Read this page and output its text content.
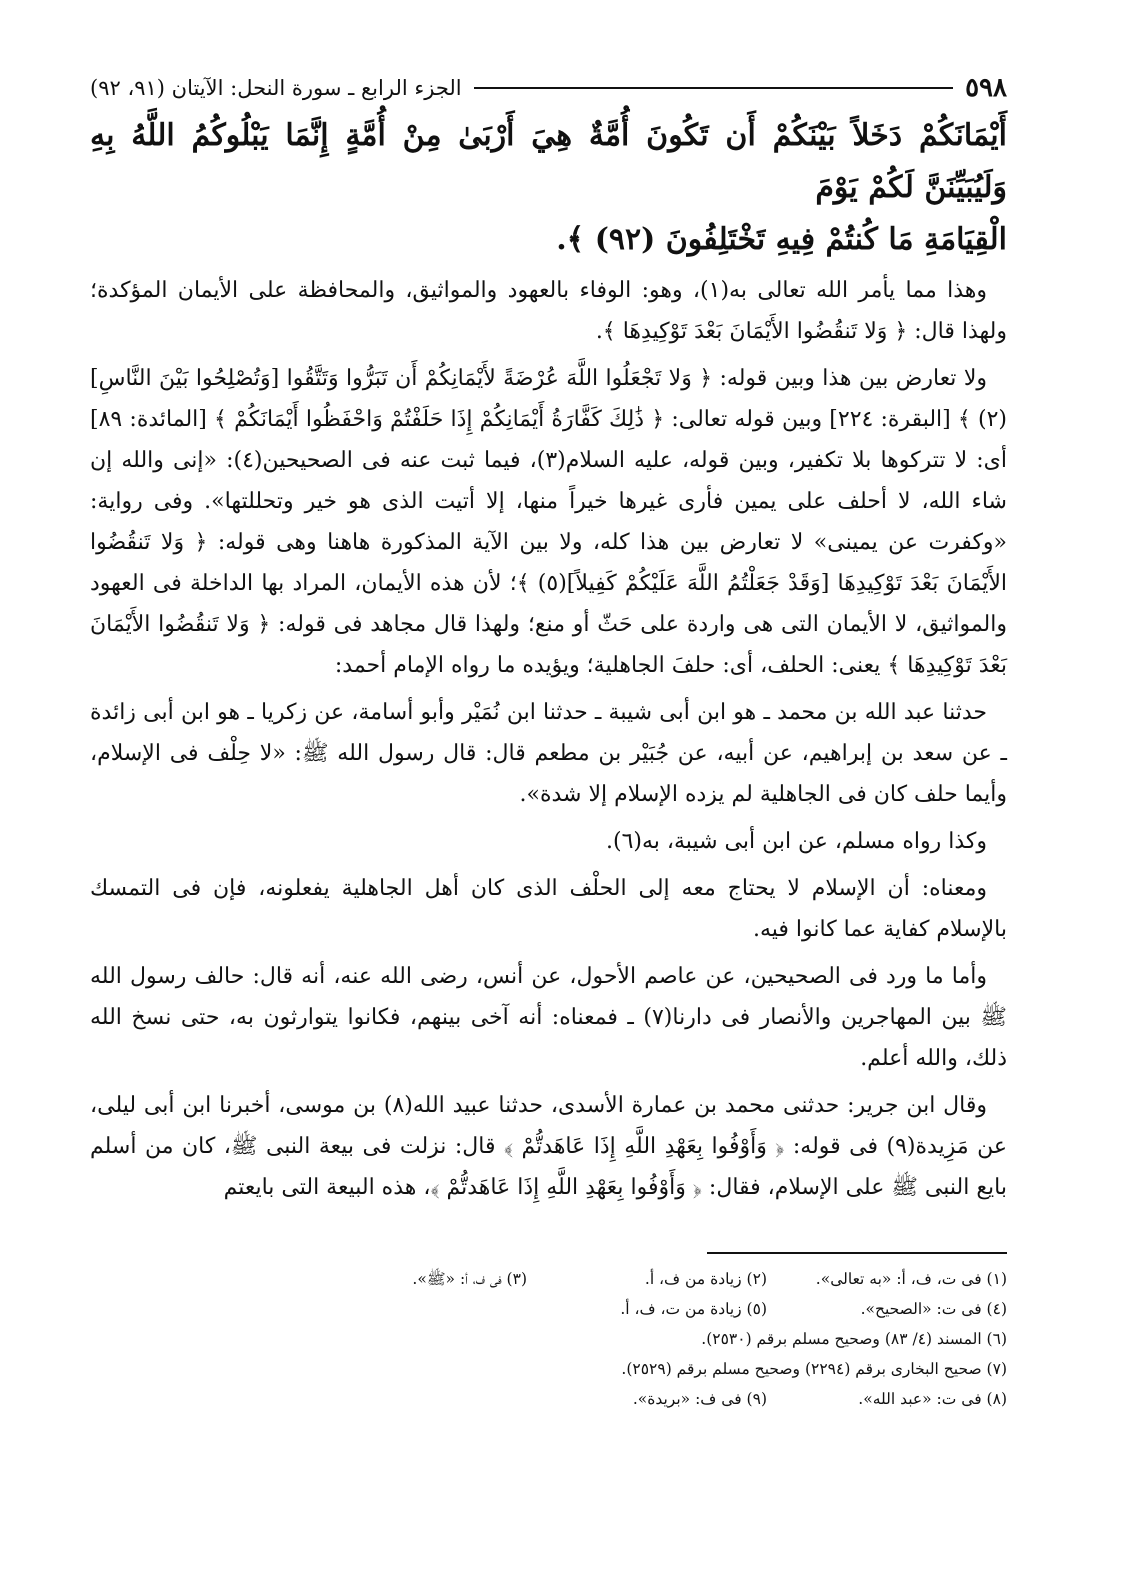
٥٩٨
الجزء الرابع ـ سورة النحل: الآيتان (٩١، ٩٢)
أَيْمَانَكُمْ دَخَلاً بَيْنَكُمْ أَن تَكُونَ أُمَّةٌ هِيَ أَرْبَىٰ مِنْ أُمَّةٍ إِنَّمَا يَبْلُوكُمُ اللَّهُ بِهِ وَلَيُبَيِّنَنَّ لَكُمْ يَوْمَ
الْقِيَامَةِ مَا كُنتُمْ فِيهِ تَخْتَلِفُونَ (٩٢) ﴾.

وهذا مما يأمر الله تعالى به(١)، وهو: الوفاء بالعهود والمواثيق، والمحافظة على الأيمان المؤكدة؛ ولهذا قال: ﴿ وَلا تَنقُضُوا الأَيْمَانَ بَعْدَ تَوْكِيدِهَا ﴾.

ولا تعارض بين هذا وبين قوله: ﴿ وَلا تَجْعَلُوا اللَّهَ عُرْضَةً لأَيْمَانِكُمْ أَن تَبَرُّوا وَتَتَّقُوا [وَتُصْلِحُوا بَيْنَ النَّاسِ](٢) ﴾ [البقرة: ٢٢٤] وبين قوله تعالى: ﴿ ذَٰلِكَ كَفَّارَةُ أَيْمَانِكُمْ إِذَا حَلَفْتُمْ وَاحْفَظُوا أَيْمَانَكُمْ ﴾ [المائدة: ٨٩] أى: لا تتركوها بلا تكفير، وبين قوله، عليه السلام(٣)، فيما ثبت عنه فى الصحيحين(٤): «إنى والله إن شاء الله، لا أحلف على يمين فأرى غيرها خيراً منها، إلا أتيت الذى هو خير وتحللتها». وفى رواية: «وكفرت عن يمينى» لا تعارض بين هذا كله، ولا بين الآية المذكورة هاهنا وهى قوله: ﴿ وَلا تَنقُضُوا الأَيْمَانَ بَعْدَ تَوْكِيدِهَا [وَقَدْ جَعَلْتُمُ اللَّهَ عَلَيْكُمْ كَفِيلاً](٥) ﴾؛ لأن هذه الأيمان، المراد بها الداخلة فى العهود والمواثيق، لا الأيمان التى هى واردة على حَثّ أو منع؛ ولهذا قال مجاهد فى قوله: ﴿ وَلا تَنقُضُوا الأَيْمَانَ بَعْدَ تَوْكِيدِهَا ﴾ يعنى: الحلف، أى: حلفَ الجاهلية؛ ويؤيده ما رواه الإمام أحمد:

حدثنا عبد الله بن محمد ـ هو ابن أبى شيبة ـ حدثنا ابن نُمَيْر وأبو أسامة، عن زكريا ـ هو ابن أبى زائدة ـ عن سعد بن إبراهيم، عن أبيه، عن جُبَيْر بن مطعم قال: قال رسول الله ﷺ: «لا حِلْف فى الإسلام، وأيما حلف كان فى الجاهلية لم يزده الإسلام إلا شدة».

وكذا رواه مسلم، عن ابن أبى شيبة، به(٦).

ومعناه: أن الإسلام لا يحتاج معه إلى الحلْف الذى كان أهل الجاهلية يفعلونه، فإن فى التمسك بالإسلام كفاية عما كانوا فيه.

وأما ما ورد فى الصحيحين، عن عاصم الأحول، عن أنس، رضى الله عنه، أنه قال: حالف رسول الله ﷺ بين المهاجرين والأنصار فى دارنا(٧) ـ فمعناه: أنه آخى بينهم، فكانوا يتوارثون به، حتى نسخ الله ذلك، والله أعلم.

وقال ابن جرير: حدثنى محمد بن عمارة الأسدى، حدثنا عبيد الله(٨) بن موسى، أخبرنا ابن أبى ليلى، عن مَزِيدة(٩) فى قوله: ﴿ وَأَوْفُوا بِعَهْدِ اللَّهِ إِذَا عَاهَدتُّمْ ﴾ قال: نزلت فى بيعة النبى ﷺ، كان من أسلم بايع النبى ﷺ على الإسلام، فقال: ﴿ وَأَوْفُوا بِعَهْدِ اللَّهِ إِذَا عَاهَدتُّمْ ﴾، هذه البيعة التى بايعتم

(١) فى ت، ف، أ: «به تعالى».
(٢) زيادة من ف، أ.
(٣) فى ف، أ: «ﷺ».
(٤) فى ت: «الصحيح».
(٥) زيادة من ت، ف، أ.
(٦) المسند (٤/ ٨٣) وصحيح مسلم برقم (٢٥٣٠).
(٧) صحيح البخارى برقم (٢٢٩٤) وصحيح مسلم برقم (٢٥٢٩).
(٨) فى ت: «عبد الله».
(٩) فى ف: «بريدة».
